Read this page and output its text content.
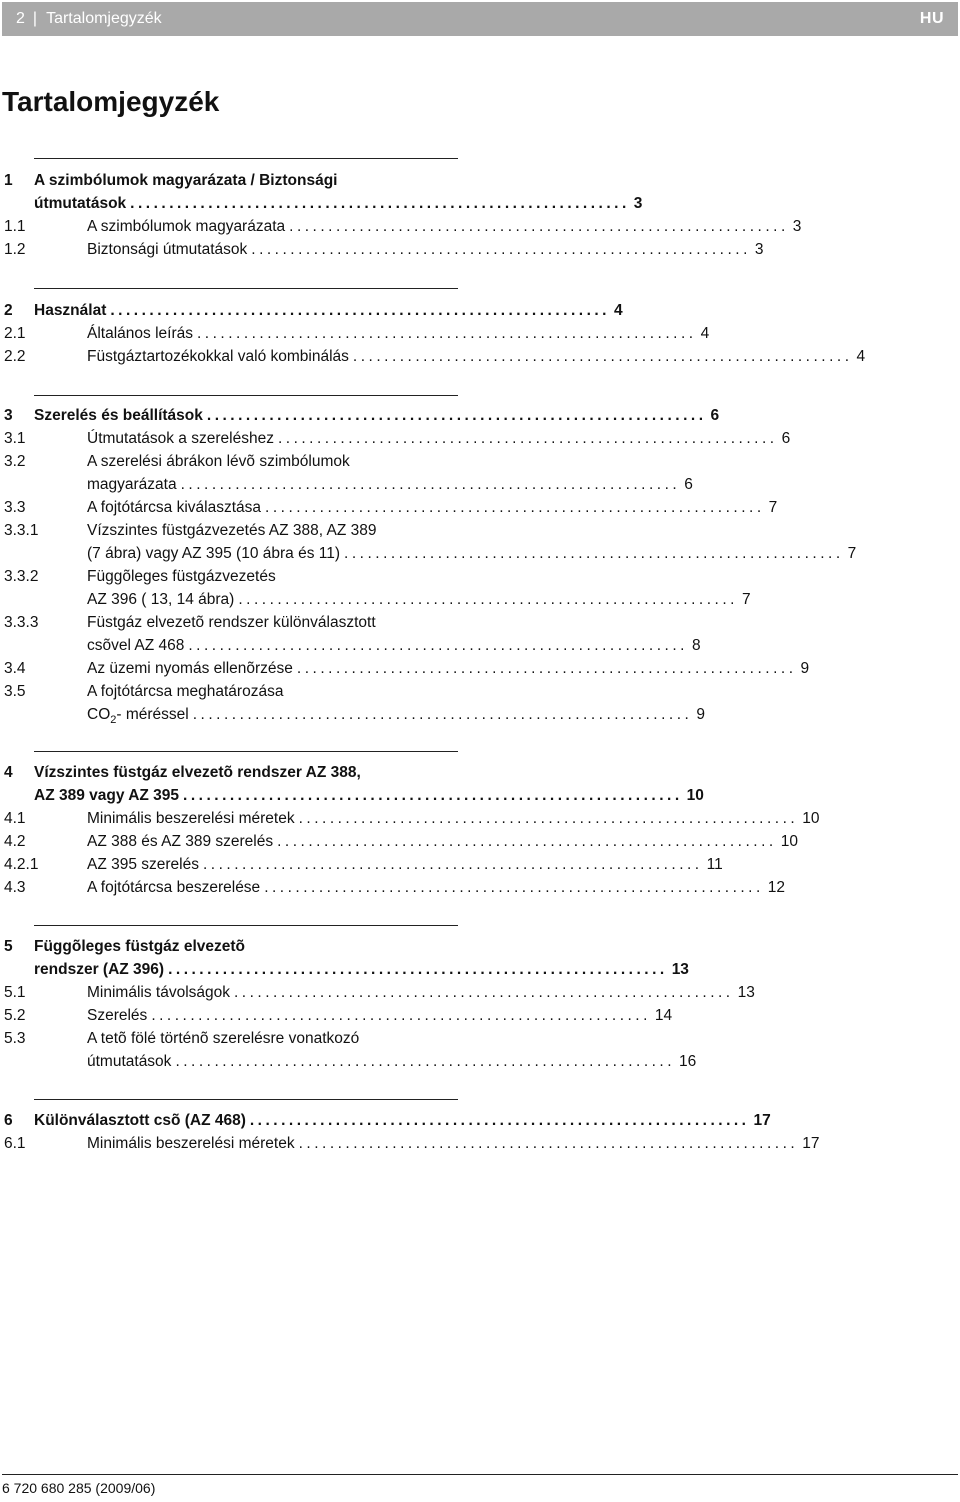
2 | Tartalomjegyzék	HU
Tartalomjegyzék
1 A szimbólumok magyarázata / Biztonsági
útmutatások ................................................................ 3
1.1	A szimbólumok magyarázata ................................................................ 3
1.2	Biztonsági útmutatások ................................................................ 3
2 Használat ................................................................ 4
2.1	Általános leírás ................................................................ 4
2.2	Füstgáztartozékokkal való kombinálás ................................................................ 4
3 Szerelés és beállítások ................................................................ 6
3.1	Útmutatások a szereléshez ................................................................ 6
3.2	A szerelési ábrákon lévõ szimbólumok
magyarázata ................................................................ 6
3.3	A fojtótárcsa kiválasztása ................................................................ 7
3.3.1	Vízszintes füstgázvezetés AZ 388, AZ 389
(7 ábra) vagy AZ 395 (10 ábra és 11) ................................................................ 7
3.3.2	Függõleges füstgázvezetés
AZ 396 ( 13, 14 ábra) ................................................................ 7
3.3.3	Füstgáz elvezetõ rendszer különválasztott
csõvel AZ 468 ................................................................ 8
3.4	Az üzemi nyomás ellenõrzése ................................................................ 9
3.5	A fojtótárcsa meghatározása
$CO_2-$ méréssel ................................................................ 9
4 Vízszintes füstgáz elvezetõ rendszer AZ 388,
AZ 389 vagy AZ 395 ................................................................ 10
4.1	Minimális beszerelési méretek ................................................................ 10
4.2	AZ 388 és AZ 389 szerelés ................................................................ 10
4.2.1	AZ 395 szerelés ................................................................ 11
4.3	A fojtótárcsa beszerelése ................................................................ 12
5 Függõleges füstgáz elvezetõ
rendszer (AZ 396) ................................................................ 13
5.1	Minimális távolságok ................................................................ 13
5.2	Szerelés ................................................................ 14
5.3	A tetõ fölé történõ szerelésre vonatkozó
útmutatások ................................................................ 16
6 Különválasztott csõ (AZ 468) ................................................................ 17
6.1	Minimális beszerelési méretek ................................................................ 17
6 720 680 285 (2009/06)
